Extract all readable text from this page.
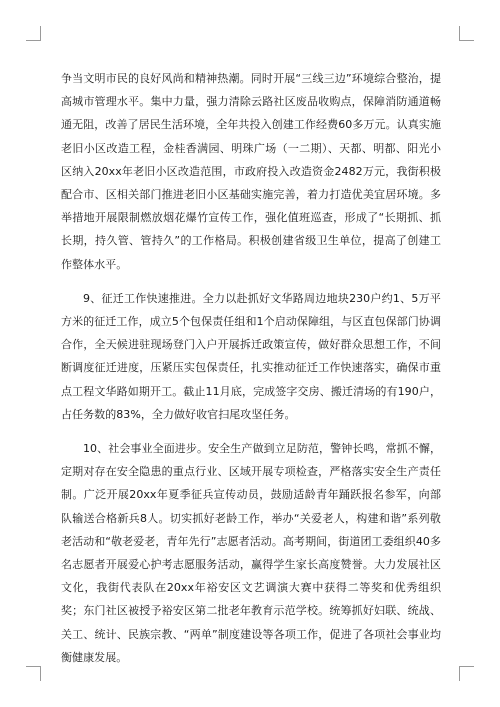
争当文明市民的良好风尚和精神热潮。同时开展“三线三边”环境综合整治，提高城市管理水平。集中力量，强力清除云路社区废品收购点，保障消防通道畅通无阻，改善了居民生活环境，全年共投入创建工作经费60多万元。认真实施老旧小区改造工程，金桂香满园、明珠广场（一二期）、天都、明都、阳光小区纳入20xx年老旧小区改造范围，市政府投入改造资金2482万元，我街积极配合市、区相关部门推进老旧小区基础实施完善，着力打造优美宜居环境。多举措地开展限制燃放烟花爆竹宣传工作，强化值班巡查，形成了“长期抓、抓长期，持久管、管持久”的工作格局。积极创建省级卫生单位，提高了创建工作整体水平。

9、征迁工作快速推进。全力以赴抓好文华路周边地块230户约1、5万平方米的征迁工作，成立5个包保责任组和1个启动保障组，与区直包保部门协调合作，全天候进驻现场登门入户开展拆迁政策宣传，做好群众思想工作，不间断调度征迁进度，压紧压实包保责任，扎实推动征迁工作快速落实，确保市重点工程文华路如期开工。截止11月底，完成签字交房、搬迁清场的有190户，占任务数的83%，全力做好收官扫尾攻坚任务。

10、社会事业全面进步。安全生产做到立足防范，警钟长鸣，常抓不懈，定期对存在安全隐患的重点行业、区域开展专项检查，严格落实安全生产责任制。广泛开展20xx年夏季征兵宣传动员，鼓励适龄青年踊跃报名参军，向部队输送合格新兵8人。切实抓好老龄工作，举办“关爱老人，构建和谐”系列敬老活动和“敬老爱老，青年先行”志愿者活动。高考期间，街道团工委组织40多名志愿者开展爱心护考志愿服务活动，赢得学生家长高度赞誉。大力发展社区文化，我街代表队在20xx年裕安区文艺调演大赛中获得二等奖和优秀组织奖；东门社区被授予裕安区第二批老年教育示范学校。统筹抓好妇联、统战、关工、统计、民族宗教、“两单”制度建设等各项工作，促进了各项社会事业均衡健康发展。
